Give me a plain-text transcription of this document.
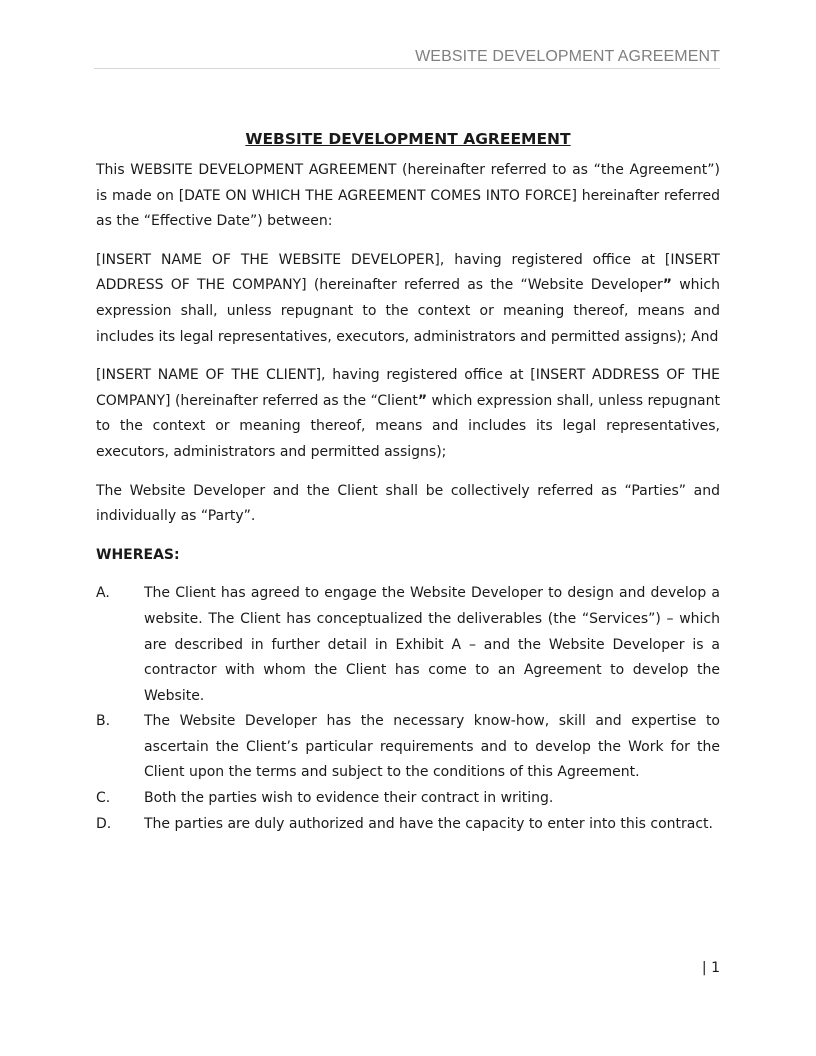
WEBSITE DEVELOPMENT AGREEMENT
WEBSITE DEVELOPMENT AGREEMENT

This WEBSITE DEVELOPMENT AGREEMENT (hereinafter referred to as “the Agreement”) is made on [DATE ON WHICH THE AGREEMENT COMES INTO FORCE] hereinafter referred as the “Effective Date”) between:

[INSERT NAME OF THE WEBSITE DEVELOPER], having registered office at [INSERT ADDRESS OF THE COMPANY] (hereinafter referred as the “Website Developer” which expression shall, unless repugnant to the context or meaning thereof, means and includes its legal representatives, executors, administrators and permitted assigns); And

[INSERT NAME OF THE CLIENT], having registered office at [INSERT ADDRESS OF THE COMPANY] (hereinafter referred as the “Client” which expression shall, unless repugnant to the context or meaning thereof, means and includes its legal representatives, executors, administrators and permitted assigns);

The Website Developer and the Client shall be collectively referred as “Parties” and individually as “Party”.

WHEREAS:
A.	The Client has agreed to engage the Website Developer to design and develop a website. The Client has conceptualized the deliverables (the “Services”) – which are described in further detail in Exhibit A – and the Website Developer is a contractor with whom the Client has come to an Agreement to develop the Website.
B.	The Website Developer has the necessary know-how, skill and expertise to ascertain the Client’s particular requirements and to develop the Work for the Client upon the terms and subject to the conditions of this Agreement.
C.	Both the parties wish to evidence their contract in writing.
D.	The parties are duly authorized and have the capacity to enter into this contract.
| 1
